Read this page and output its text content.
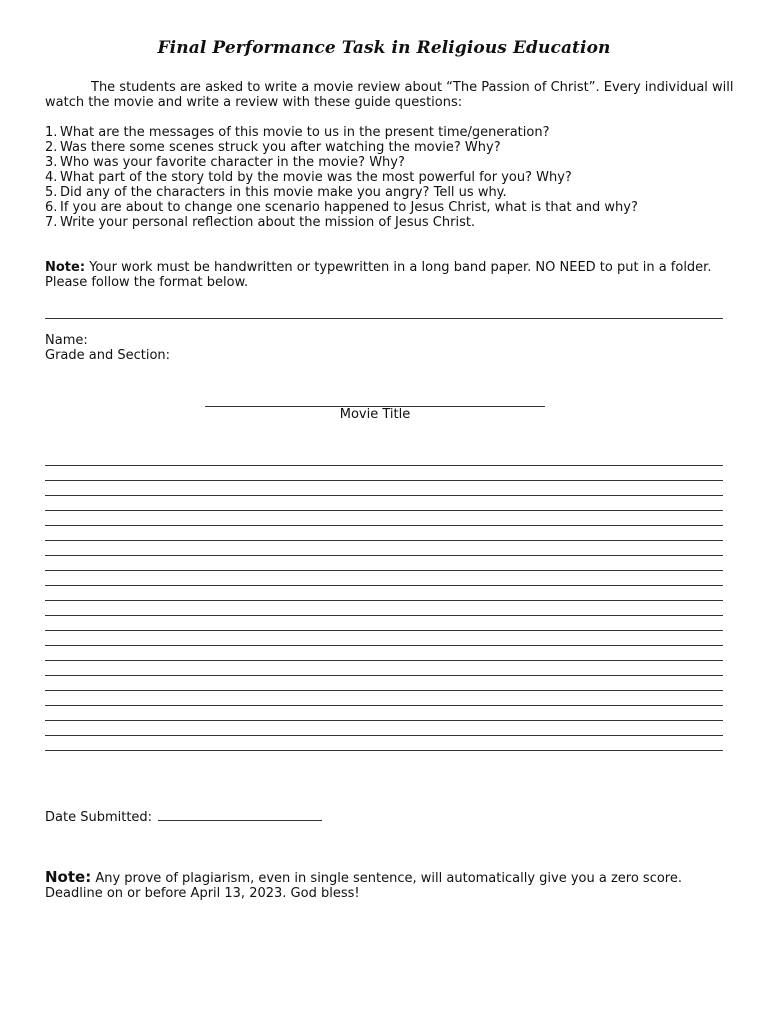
Final Performance Task in Religious Education
The students are asked to write a movie review about “The Passion of Christ”. Every individual will watch the movie and write a review with these guide questions:
1. What are the messages of this movie to us in the present time/generation?
2. Was there some scenes struck you after watching the movie? Why?
3. Who was your favorite character in the movie? Why?
4. What part of the story told by the movie was the most powerful for you? Why?
5. Did any of the characters in this movie make you angry? Tell us why.
6. If you are about to change one scenario happened to Jesus Christ, what is that and why?
7. Write your personal reflection about the mission of Jesus Christ.
Note: Your work must be handwritten or typewritten in a long band paper. NO NEED to put in a folder. Please follow the format below.
Name:
Grade and Section:
Movie Title
Date Submitted:
Note: Any prove of plagiarism, even in single sentence, will automatically give you a zero score. Deadline on or before April 13, 2023. God bless!
